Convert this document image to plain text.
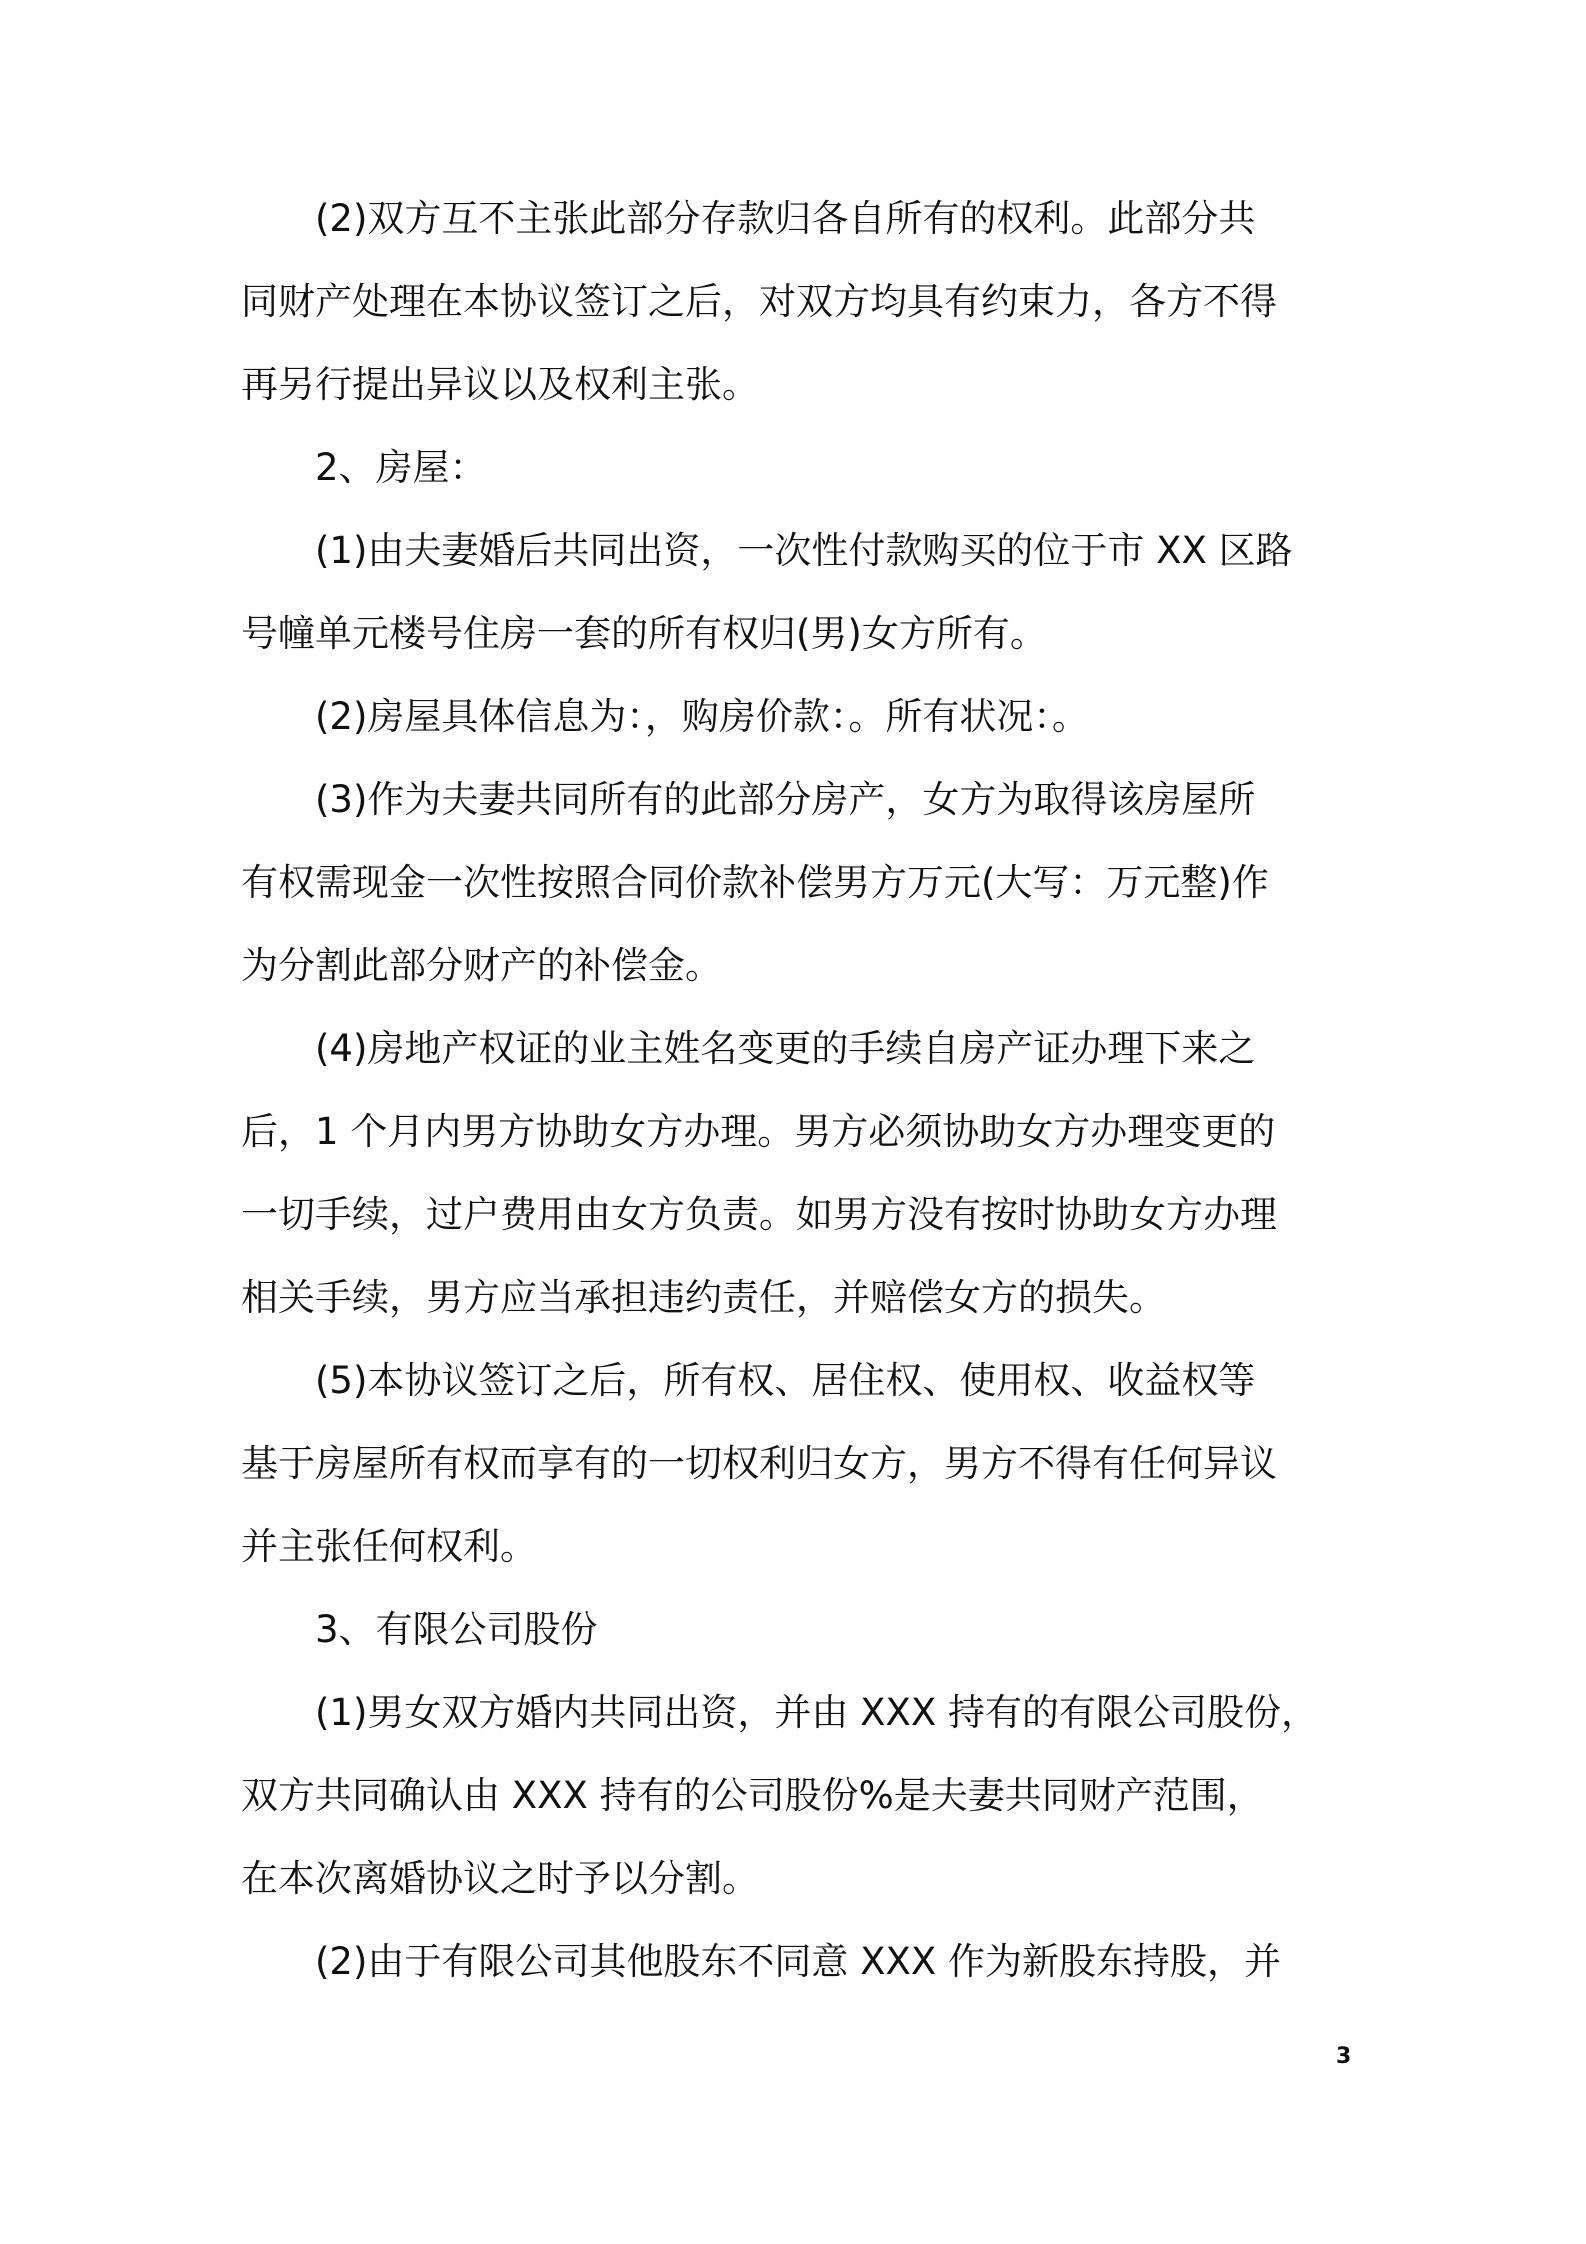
　　(2)双方互不主张此部分存款归各自所有的权利。此部分共
同财产处理在本协议签订之后，对双方均具有约束力，各方不得
再另行提出异议以及权利主张。
　　2、房屋：
　　(1)由夫妻婚后共同出资，一次性付款购买的位于市 XX 区路
号幢单元楼号住房一套的所有权归(男)女方所有。
　　(2)房屋具体信息为：，购房价款：。所有状况：。
　　(3)作为夫妻共同所有的此部分房产，女方为取得该房屋所
有权需现金一次性按照合同价款补偿男方万元(大写：万元整)作
为分割此部分财产的补偿金。
　　(4)房地产权证的业主姓名变更的手续自房产证办理下来之
后，1 个月内男方协助女方办理。男方必须协助女方办理变更的
一切手续，过户费用由女方负责。如男方没有按时协助女方办理
相关手续，男方应当承担违约责任，并赔偿女方的损失。
　　(5)本协议签订之后，所有权、居住权、使用权、收益权等
基于房屋所有权而享有的一切权利归女方，男方不得有任何异议
并主张任何权利。
　　3、有限公司股份
　　(1)男女双方婚内共同出资，并由 XXX 持有的有限公司股份，
双方共同确认由 XXX 持有的公司股份%是夫妻共同财产范围，
在本次离婚协议之时予以分割。
　　(2)由于有限公司其他股东不同意 XXX 作为新股东持股，并
3
